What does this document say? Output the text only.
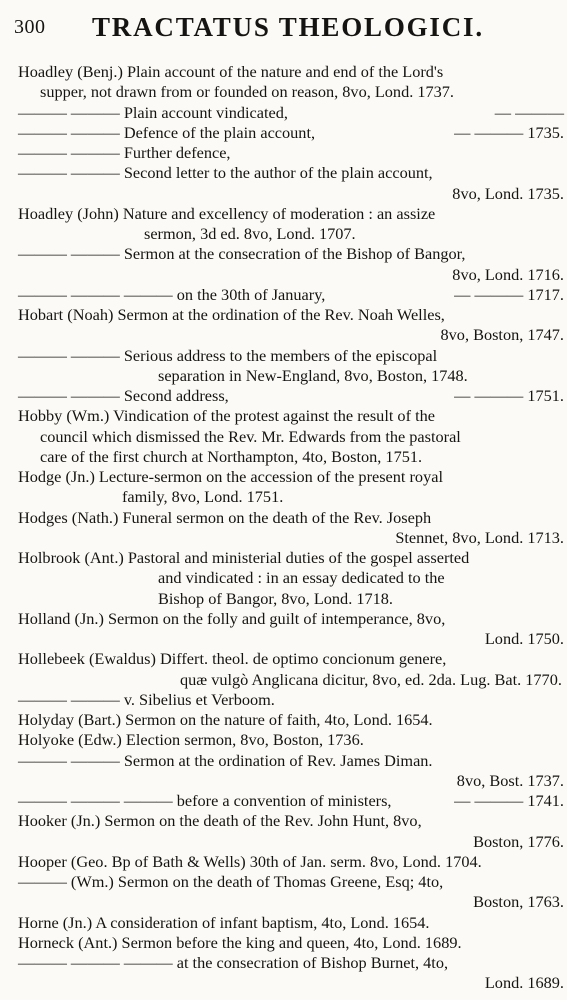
300 TRACTATUS THEOLOGICI.
Hoadley (Benj.) Plain account of the nature and end of the Lord's
supper, not drawn from or founded on reason, 8vo, Lond. 1737.
——— ——— Plain account vindicated,	— ———
——— ——— Defence of the plain account,	— ——— 1735.
——— ——— Further defence,
——— ——— Second letter to the author of the plain account,
8vo, Lond. 1735.
Hoadley (John) Nature and excellency of moderation : an assize
sermon, 3d ed. 8vo, Lond. 1707.
——— ——— Sermon at the consecration of the Bishop of Bangor,
8vo, Lond. 1716.
——— ——— ——— on the 30th of January,	— ——— 1717.
Hobart (Noah) Sermon at the ordination of the Rev. Noah Welles,
8vo, Boston, 1747.
——— ——— Serious address to the members of the episcopal
separation in New-England, 8vo, Boston, 1748.
——— ——— Second address,	— ——— 1751.
Hobby (Wm.) Vindication of the protest against the result of the
council which dismissed the Rev. Mr. Edwards from the pastoral
care of the first church at Northampton, 4to, Boston, 1751.
Hodge (Jn.) Lecture-sermon on the accession of the present royal
family, 8vo, Lond. 1751.
Hodges (Nath.) Funeral sermon on the death of the Rev. Joseph
Stennet, 8vo, Lond. 1713.
Holbrook (Ant.) Pastoral and ministerial duties of the gospel asserted
and vindicated : in an essay dedicated to the
Bishop of Bangor, 8vo, Lond. 1718.
Holland (Jn.) Sermon on the folly and guilt of intemperance, 8vo,
Lond. 1750.
Hollebeek (Ewaldus) Differt. theol. de optimo concionum genere,
quæ vulgò Anglicana dicitur, 8vo, ed. 2da. Lug. Bat. 1770.
——— ——— v. Sibelius et Verboom.
Holyday (Bart.) Sermon on the nature of faith, 4to, Lond. 1654.
Holyoke (Edw.) Election sermon, 8vo, Boston, 1736.
——— ——— Sermon at the ordination of Rev. James Diman.
8vo, Bost. 1737.
——— ——— ——— before a convention of ministers,	— ——— 1741.
Hooker (Jn.) Sermon on the death of the Rev. John Hunt, 8vo,
Boston, 1776.
Hooper (Geo. Bp of Bath & Wells) 30th of Jan. serm. 8vo, Lond. 1704.
——— (Wm.) Sermon on the death of Thomas Greene, Esq; 4to,
Boston, 1763.
Horne (Jn.) A consideration of infant baptism, 4to, Lond. 1654.
Horneck (Ant.) Sermon before the king and queen, 4to, Lond. 1689.
——— ——— ——— at the consecration of Bishop Burnet, 4to,
Lond. 1689.
